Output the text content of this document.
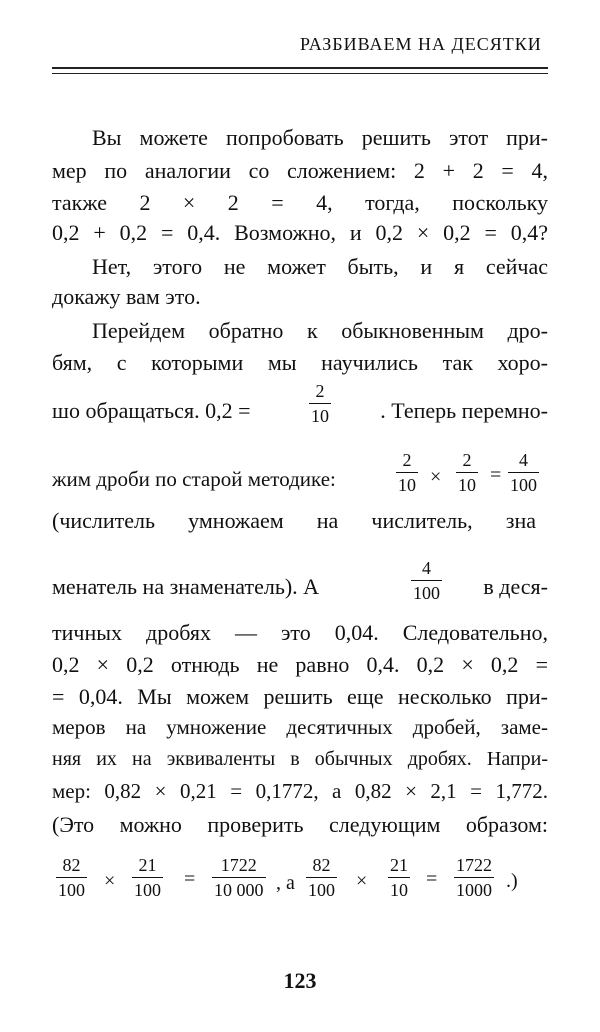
РАЗБИВАЕМ НА ДЕСЯТКИ
Вы можете попробовать решить этот при-
мер по аналогии со сложением: 2 + 2 = 4,
также 2 × 2 = 4, тогда, поскольку
0,2 + 0,2 = 0,4. Возможно, и 0,2 × 0,2 = 0,4?
Нет, этого не может быть, и я сейчас
докажу вам это.
Перейдем обратно к обыкновенным дро-
бям, с которыми мы научились так хоро-
шо обращаться. 0,2 =
2
10	. Теперь перемно-
жим дроби по старой методике:
2
10 ×
2
10 =
4
100
(числитель умножаем на числитель, зна
менатель на знаменатель). А
4
100	в деся-
тичных дробях — это 0,04. Следовательно,
0,2 × 0,2 отнюдь не равно 0,4. 0,2 × 0,2 =
= 0,04. Мы можем решить еще несколько при-
меров на умножение десятичных дробей, заме-
няя их на эквиваленты в обычных дробях. Напри-
мер: 0,82 × 0,21 = 0,1772, а 0,82 × 2,1 = 1,772.
(Это можно проверить следующим образом:
82
100 ×
21
100 =
1722
10 000 , а
82
100 ×
21
10 =
1722
1000 .)
123
